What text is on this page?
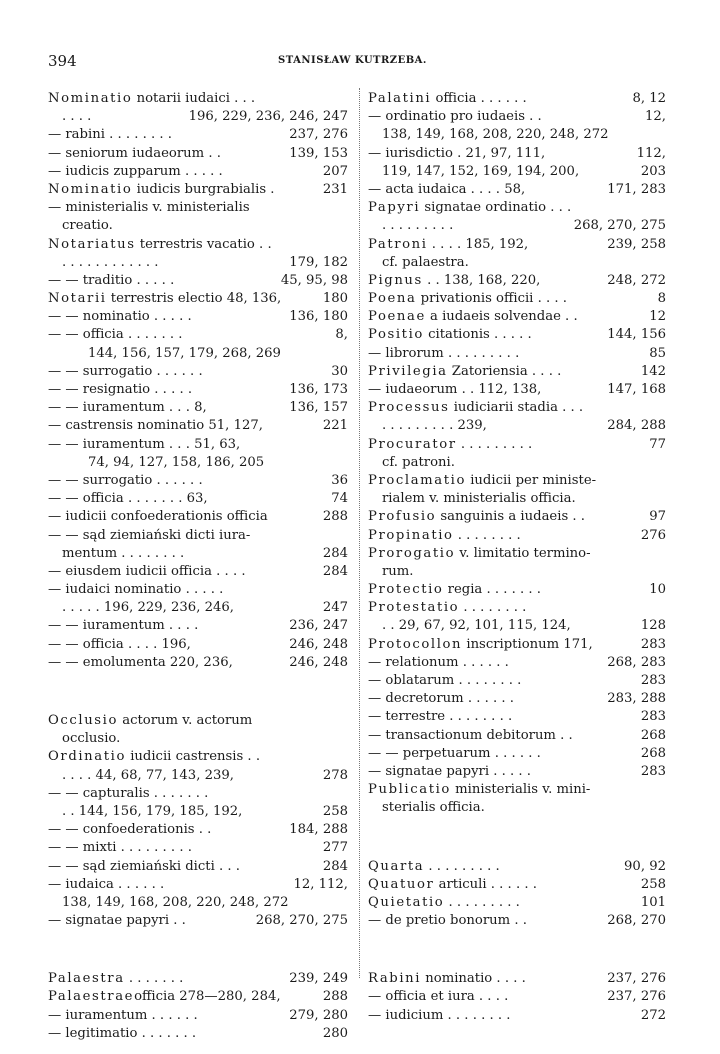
394	STANISŁAW KUTRZEBA.
Nominatio notarii iudaici . . .
. . . .	196, 229, 236, 246, 247
— rabini . . . . . . . .	237, 276
— seniorum iudaeorum . .	139, 153
— iudicis zupparum . . . . .	207
Nominatio iudicis burgrabialis .	231
— ministerialis v. ministerialis
creatio.
Notariatus terrestris vacatio . .
. . . . . . . . . . . .	179, 182
— — traditio . . . . .	45, 95, 98
Notarii terrestris electio 48, 136,	180
— — nominatio . . . . .	136, 180
— — officia . . . . . . .	8,
144, 156, 157, 179, 268, 269
— — surrogatio . . . . . .	30
— — resignatio . . . . .	136, 173
— — iuramentum . . . 8,	136, 157
— castrensis nominatio 51, 127,	221
— — iuramentum . . . 51, 63,
74, 94, 127, 158, 186, 205
— — surrogatio . . . . . .	36
— — officia . . . . . . . 63,	74
— iudicii confoederationis officia	288
— — sąd ziemiański dicti iura-
mentum . . . . . . . .	284
— eiusdem iudicii officia . . . .	284
— iudaici nominatio . . . . .
. . . . . 196, 229, 236, 246,	247
— — iuramentum . . . .	236, 247
— — officia . . . . 196,	246, 248
— — emolumenta 220, 236,	246, 248
Occlusio actorum v. actorum
occlusio.
Ordinatio iudicii castrensis . .
. . . . 44, 68, 77, 143, 239,	278
— — capturalis . . . . . . .
. . 144, 156, 179, 185, 192,	258
— — confoederationis . .	184, 288
— — mixti . . . . . . . . .	277
— — sąd ziemiański dicti . . .	284
— iudaica . . . . . .	12, 112,
138, 149, 168, 208, 220, 248, 272
— signatae papyri . .	268, 270, 275
Palaestra . . . . . . .	239, 249
Palaestraeofficia 278—280, 284,	288
— iuramentum . . . . . .	279, 280
— legitimatio . . . . . . .	280
Palatini officia . . . . . .	8, 12
— ordinatio pro iudaeis . .	12,
138, 149, 168, 208, 220, 248, 272
— iurisdictio . 21, 97, 111,	112,
119, 147, 152, 169, 194, 200,	203
— acta iudaica . . . . 58,	171, 283
Papyri signatae ordinatio . . .
. . . . . . . . .	268, 270, 275
Patroni . . . . 185, 192,	239, 258
cf. palaestra.
Pignus . . 138, 168, 220,	248, 272
Poena privationis officii . . . .	8
Poenae a iudaeis solvendae . .	12
Positio citationis . . . . .	144, 156
— librorum . . . . . . . . .	85
Privilegia Zatoriensia . . . .	142
— iudaeorum . . 112, 138,	147, 168
Processus iudiciarii stadia . . .
. . . . . . . . . 239,	284, 288
Procurator . . . . . . . . .	77
cf. patroni.
Proclamatio iudicii per ministe-
rialem v. ministerialis officia.
Profusio sanguinis a iudaeis . .	97
Propinatio . . . . . . . .	276
Prorogatio v. limitatio termino-
rum.
Protectio regia . . . . . . .	10
Protestatio . . . . . . . .
. . 29, 67, 92, 101, 115, 124,	128
Protocollon inscriptionum 171,	283
— relationum . . . . . .	268, 283
— oblatarum . . . . . . . .	283
— decretorum . . . . . .	283, 288
— terrestre . . . . . . . .	283
— transactionum debitorum . .	268
— — perpetuarum . . . . . .	268
— signatae papyri . . . . .	283
Publicatio ministerialis v. mini-
sterialis officia.
Quarta . . . . . . . . .	90, 92
Quatuor articuli . . . . . .	258
Quietatio . . . . . . . . .	101
— de pretio bonorum . .	268, 270
Rabini nominatio . . . .	237, 276
— officia et iura . . . .	237, 276
— iudicium . . . . . . . .	272
